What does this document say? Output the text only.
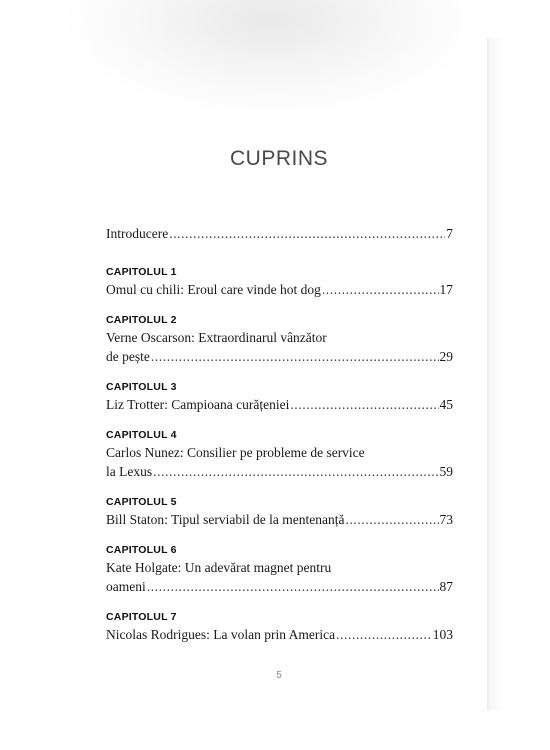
CUPRINS
Introducere .....	7
CAPITOLUL 1
Omul cu chili: Eroul care vinde hot dog .....	17
CAPITOLUL 2
Verne Oscarson: Extraordinarul vânzător
de pește .....	29
CAPITOLUL 3
Liz Trotter: Campioana curățeniei .....	45
CAPITOLUL 4
Carlos Nunez: Consilier pe probleme de service
la Lexus .....	59
CAPITOLUL 5
Bill Staton: Tipul serviabil de la mentenanță .....	73
CAPITOLUL 6
Kate Holgate: Un adevărat magnet pentru
oameni .....	87
CAPITOLUL 7
Nicolas Rodrigues: La volan prin America .....	103
5
